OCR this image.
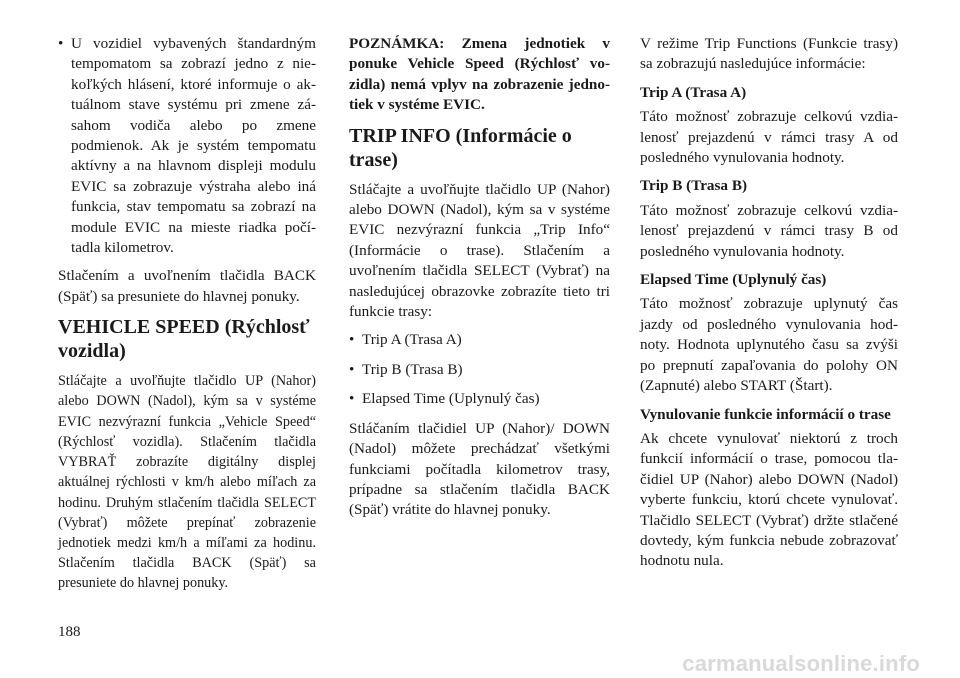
• U vozidiel vybavených štandardným tempomatom sa zobrazí jedno z niekoľkých hlásení, ktoré informuje o aktuálnom stave systému pri zmene zásahom vodiča alebo po zmene podmienok. Ak je systém tempomatu aktívny a na hlavnom displeji modulu EVIC sa zobrazuje výstraha alebo iná funkcia, stav tempomatu sa zobrazí na module EVIC na mieste riadka počítadla kilometrov.

Stlačením a uvoľnením tlačidla BACK (Späť) sa presuniete do hlavnej ponuky.

VEHICLE SPEED (Rýchlosť vozidla)

Stláčajte a uvoľňujte tlačidlo UP (Nahor) alebo DOWN (Nadol), kým sa v systéme EVIC nezvýrazní funkcia „Vehicle Speed“ (Rýchlosť vozidla). Stlačením tlačidla VYBRAŤ zobrazíte digitálny displej aktuálnej rýchlosti v km/h alebo míľach za hodinu. Druhým stlačením tlačidla SELECT (Vybrať) môžete prepínať zobrazenie jednotiek medzi km/h a míľami za hodinu. Stlačením tlačidla BACK (Späť) sa presuniete do hlavnej ponuky.

POZNÁMKA: Zmena jednotiek v ponuke Vehicle Speed (Rýchlosť vozidla) nemá vplyv na zobrazenie jednotiek v systéme EVIC.

TRIP INFO (Informácie o trase)

Stláčajte a uvoľňujte tlačidlo UP (Nahor) alebo DOWN (Nadol), kým sa v systéme EVIC nezvýrazní funkcia „Trip Info“ (Informácie o trase). Stlačením a uvoľnením tlačidla SELECT (Vybrať) na nasledujúcej obrazovke zobrazíte tieto tri funkcie trasy:

• Trip A (Trasa A)
• Trip B (Trasa B)
• Elapsed Time (Uplynulý čas)

Stláčaním tlačidiel UP (Nahor)/ DOWN (Nadol) môžete prechádzať všetkými funkciami počítadla kilometrov trasy, prípadne sa stlačením tlačidla BACK (Späť) vrátite do hlavnej ponuky.

V režime Trip Functions (Funkcie trasy) sa zobrazujú nasledujúce informácie:

Trip A (Trasa A)

Táto možnosť zobrazuje celkovú vzdialenosť prejazdenú v rámci trasy A od posledného vynulovania hodnoty.

Trip B (Trasa B)

Táto možnosť zobrazuje celkovú vzdialenosť prejazdenú v rámci trasy B od posledného vynulovania hodnoty.

Elapsed Time (Uplynulý čas)

Táto možnosť zobrazuje uplynutý čas jazdy od posledného vynulovania hodnoty. Hodnota uplynutého času sa zvýši po prepnutí zapaľovania do polohy ON (Zapnuté) alebo START (Štart).

Vynulovanie funkcie informácií o trase

Ak chcete vynulovať niektorú z troch funkcií informácií o trase, pomocou tlačidiel UP (Nahor) alebo DOWN (Nadol) vyberte funkciu, ktorú chcete vynulovať. Tlačidlo SELECT (Vybrať) držte stlačené dovtedy, kým funkcia nebude zobrazovať hodnotu nula.

188
carmanualsonline.info
